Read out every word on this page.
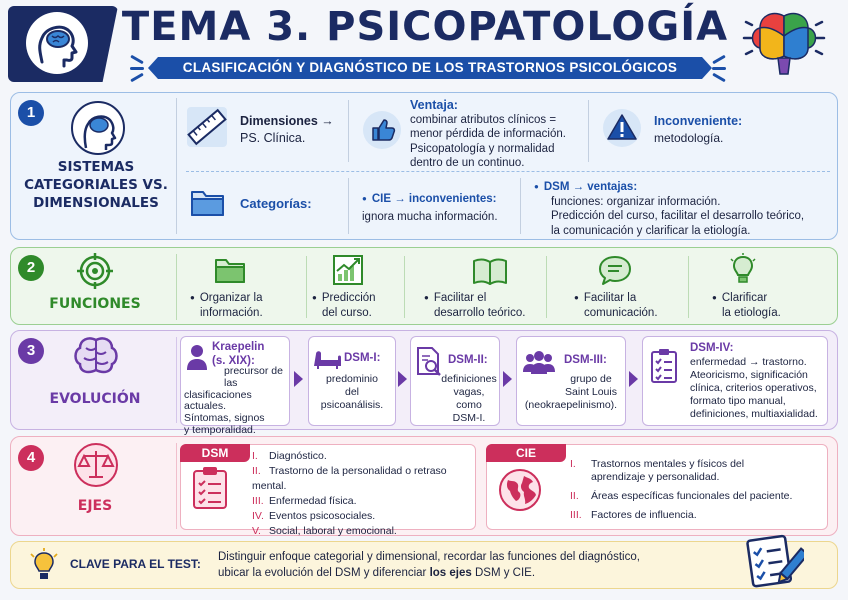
TEMA 3. PSICOPATOLOGÍA
CLASIFICACIÓN Y DIAGNÓSTICO DE LOS TRASTORNOS PSICOLÓGICOS
1
SISTEMAS
CATEGORIALES VS.
DIMENSIONALES
Dimensiones →
PS. Clínica.
Ventaja:
combinar atributos clínicos =
menor pérdida de información.
Psicopatología y normalidad
dentro de un continuo.
Inconveniente:
metodología.
Categorías:	● CIE → inconvenientes:
ignora mucha información.
● DSM → ventajas:
funciones: organizar información.
Predicción del curso, facilitar el desarrollo teórico,
la comunicación y clarificar la etiología.
2
FUNCIONES	● Organizar la
información.
● Predicción
del curso.
● Facilitar el
desarrollo teórico.
● Facilitar la
comunicación.
● Clarificar
la etiología.
3
EVOLUCIÓN
Kraepelin
(s. XIX):
precursor de las
clasificaciones
actuales.
Síntomas, signos
y temporalidad.
DSM-I:
predominio
del
psicoanálisis.
DSM-II:
definiciones
vagas, como
DSM-I.
DSM-III:
grupo de
Saint Louis
(neokraepelinismo).
DSM-IV:
enfermedad → trastorno.
Ateoricismo, significación
clínica, criterios operativos,
formato tipo manual,
definiciones, multiaxialidad.
4
EJES
DSM	I. Diagnóstico.
II. Trastorno de la personalidad o retraso mental.
III. Enfermedad física.
IV. Eventos psicosociales.
V. Social, laboral y emocional.
CIE
I.	Trastornos mentales y físicos del
aprendizaje y personalidad.
II.	Áreas específicas funcionales del paciente.
III. Factores de influencia.
CLAVE PARA EL TEST: Distinguir enfoque categorial y dimensional, recordar las funciones del diagnóstico,
ubicar la evolución del DSM y diferenciar los ejes DSM y CIE.
